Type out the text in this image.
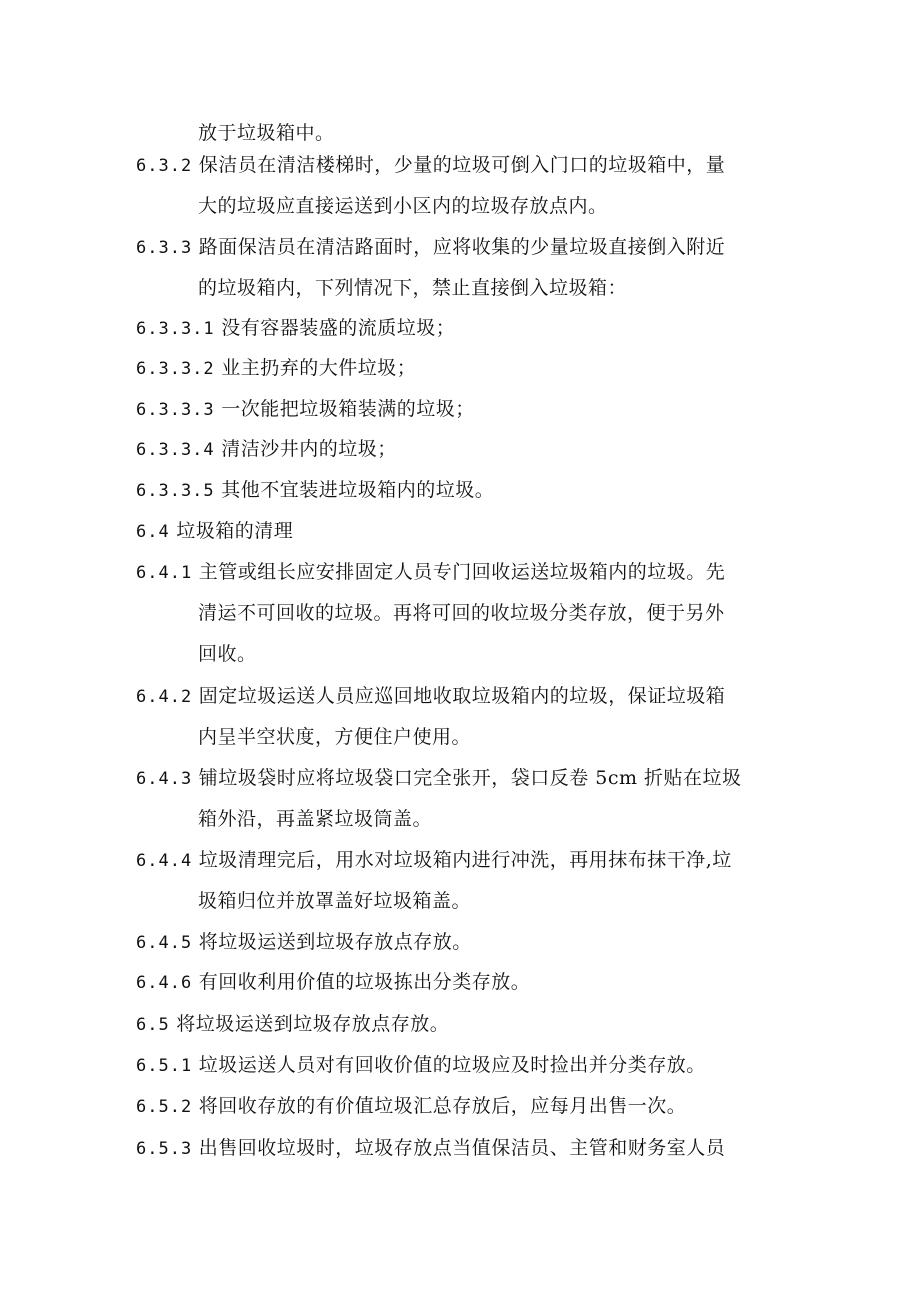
放于垃圾箱中。
6.3.2 保洁员在清洁楼梯时，少量的垃圾可倒入门口的垃圾箱中，量
大的垃圾应直接运送到小区内的垃圾存放点内。
6.3.3 路面保洁员在清洁路面时，应将收集的少量垃圾直接倒入附近
的垃圾箱内，下列情况下，禁止直接倒入垃圾箱：
6.3.3.1 没有容器装盛的流质垃圾；
6.3.3.2 业主扔弃的大件垃圾；
6.3.3.3 一次能把垃圾箱装满的垃圾；
6.3.3.4 清洁沙井内的垃圾；
6.3.3.5 其他不宜装进垃圾箱内的垃圾。
6.4 垃圾箱的清理
6.4.1 主管或组长应安排固定人员专门回收运送垃圾箱内的垃圾。先
清运不可回收的垃圾。再将可回的收垃圾分类存放，便于另外
回收。
6.4.2 固定垃圾运送人员应巡回地收取垃圾箱内的垃圾，保证垃圾箱
内呈半空状度，方便住户使用。
6.4.3 铺垃圾袋时应将垃圾袋口完全张开，袋口反卷 5cm 折贴在垃圾
箱外沿，再盖紧垃圾筒盖。
6.4.4 垃圾清理完后，用水对垃圾箱内进行冲洗，再用抹布抹干净,垃
圾箱归位并放罩盖好垃圾箱盖。
6.4.5 将垃圾运送到垃圾存放点存放。
6.4.6 有回收利用价值的垃圾拣出分类存放。
6.5 将垃圾运送到垃圾存放点存放。
6.5.1 垃圾运送人员对有回收价值的垃圾应及时捡出并分类存放。
6.5.2 将回收存放的有价值垃圾汇总存放后，应每月出售一次。
6.5.3 出售回收垃圾时，垃圾存放点当值保洁员、主管和财务室人员
